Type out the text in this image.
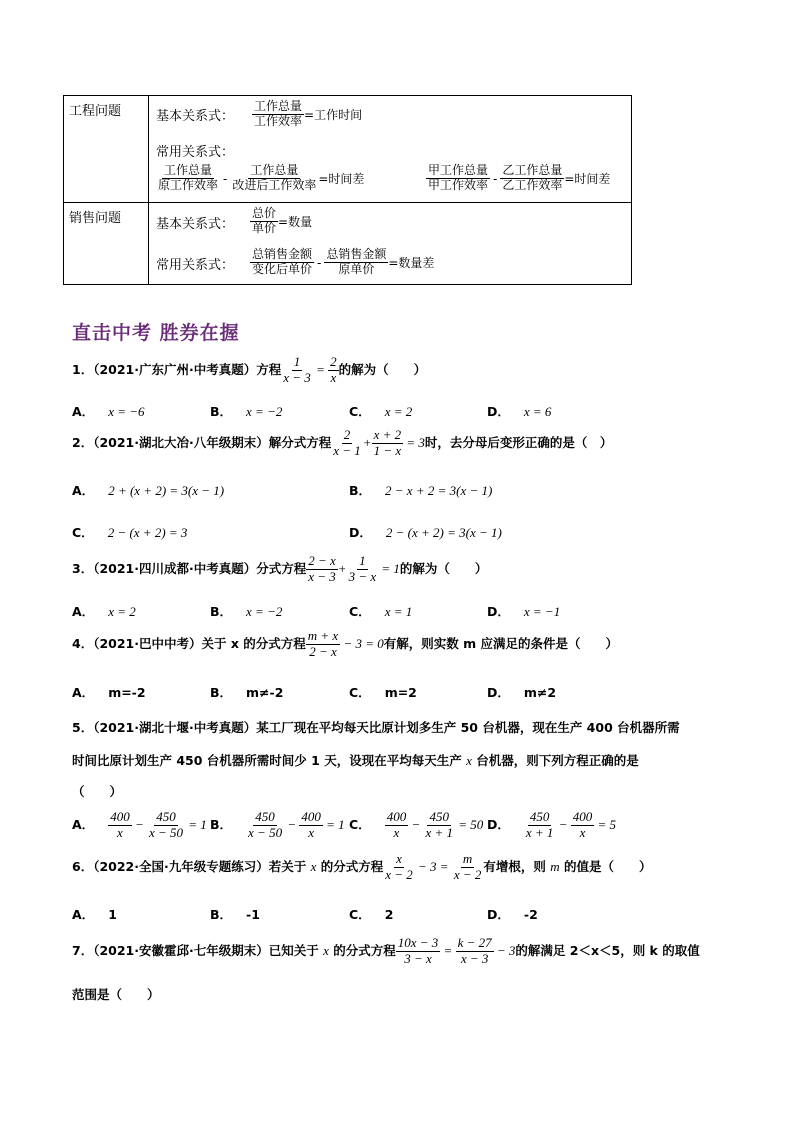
工程问题	基本关系式： $\frac{\text{工作总量}}{\text{工作效率}}$ =工作时间
常用关系式：
$\frac{\text{工作总量}}{\text{原工作效率}} - \frac{\text{工作总量}}{\text{改进后工作效率}}$ =时间差	$\frac{\text{甲工作总量}}{\text{甲工作效率}} - \frac{\text{乙工作总量}}{\text{乙工作效率}}$ =时间差
销售问题	基本关系式： $\frac{\text{总价}}{\text{单价}}$ =数量
常用关系式： $\frac{\text{总销售金额}}{\text{变化后单价}} - \frac{\text{总销售金额}}{\text{原单价}}$ =数量差
直击中考 胜券在握
1．（2021·广东广州·中考真题）方程 $\frac{1}{x - 3} = \frac{2}{x}$ 的解为（　　）
A． x = −6	B． x = −2	C． x = 2	D． x = 6
2．（2021·湖北大冶·八年级期末）解分式方程 $\frac{2}{x - 1} + \frac{x + 2}{1 - x} = 3$时，去分母后变形正确的是（　）
A． 2 + (x + 2) = 3(x − 1)	B． 2 − x + 2 = 3(x − 1)
C． 2 − (x + 2) = 3	D． 2 − (x + 2) = 3(x − 1)
3．（2021·四川成都·中考真题）分式方程 $\frac{2 - x}{x - 3} + \frac{1}{3 - x} = 1$的解为（　　）
A． x = 2	B． x = −2	C． x = 1	D． x = −1
4．（2021·巴中中考）关于 x 的分式方程 $\frac{m + x}{2 - x} - 3 = 0$有解，则实数 m 应满足的条件是（　　）
A． m=-2	B． m≠-2	C． m=2	D． m≠2
5．（2021·湖北十堰·中考真题）某工厂现在平均每天比原计划多生产 50 台机器，现在生产 400 台机器所需
时间比原计划生产 450 台机器所需时间少 1 天，设现在平均每天生产 x 台机器，则下列方程正确的是
（　　）
A． $\frac{400}{x} - \frac{450}{x - 50} = 1$ B． $\frac{450}{x - 50} - \frac{400}{x} = 1$ C． $\frac{400}{x} - \frac{450}{x + 1} = 50$ D． $\frac{450}{x + 1} - \frac{400}{x} = 5$
6．（2022·全国·九年级专题练习）若关于 x 的分式方程 $\frac{x}{x - 2} - 3 = \frac{m}{x - 2}$ 有增根，则 m 的值是（　　）
A． 1	B． -1	C． 2	D． -2
7．（2021·安徽霍邱·七年级期末）已知关于 x 的分式方程 $\frac{10x - 3}{3 - x} = \frac{k - 27}{x - 3} - 3$的解满足 2＜x＜5，则 k 的取值
范围是（　　）
